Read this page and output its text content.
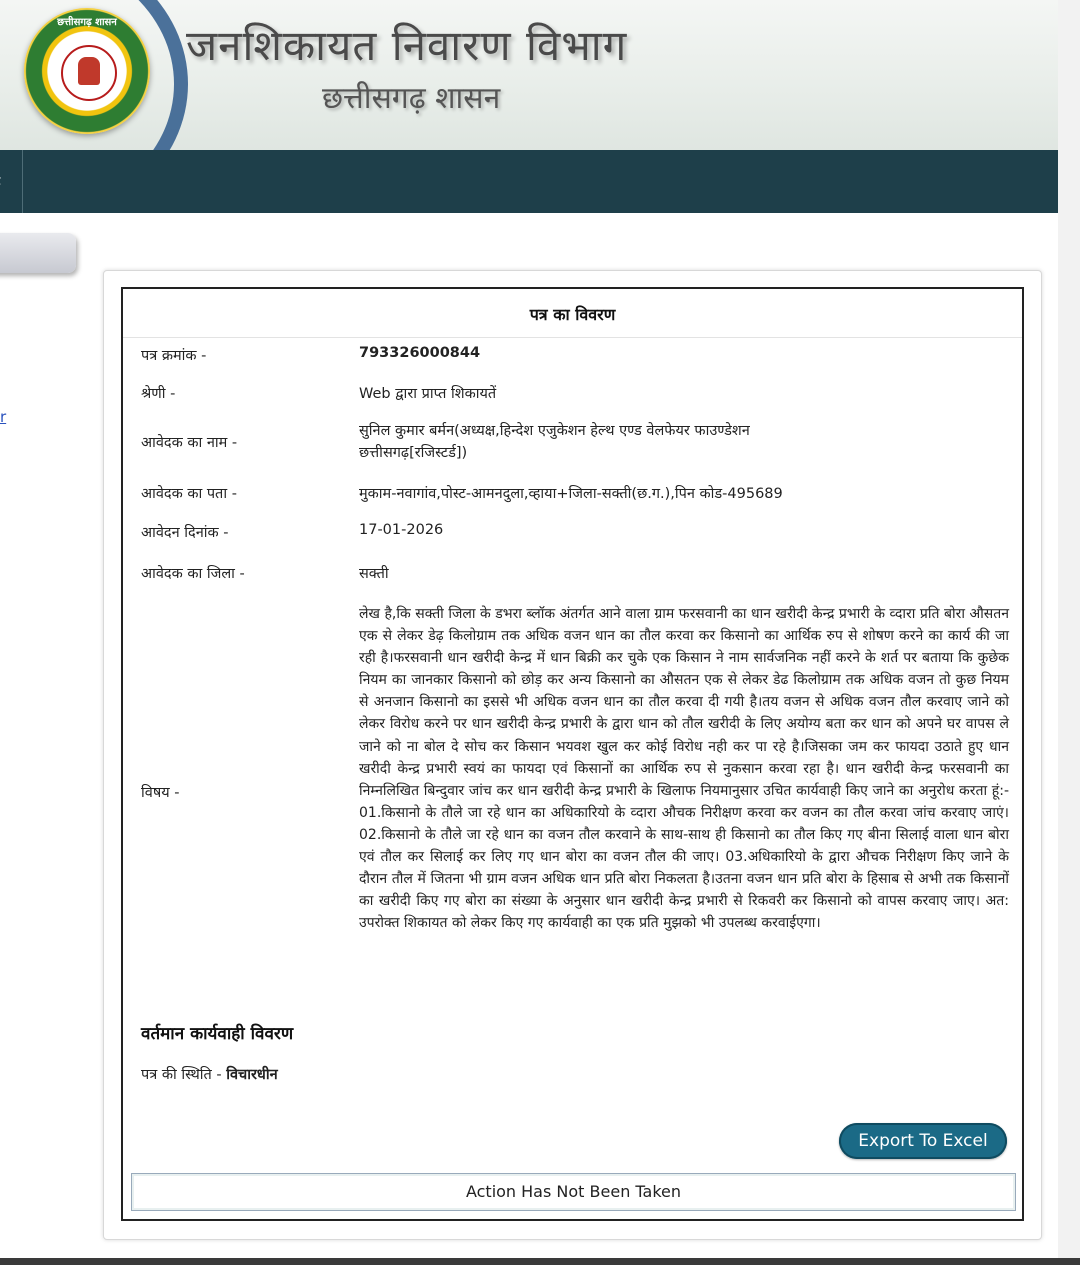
छत्तीसगढ़ शासन	जनशिकायत निवारण विभाग
छत्तीसगढ़ शासन
r
पत्र का विवरण
पत्र क्रमांक -	793326000844
श्रेणी -	Web द्वारा प्राप्त शिकायतें
आवेदक का नाम -
सुनिल कुमार बर्मन(अध्यक्ष,हिन्देश एजुकेशन हेल्थ एण्ड वेलफेयर फाउण्डेशन छत्तीसगढ़[रजिस्टर्ड])
आवेदक का पता -	मुकाम-नवागांव,पोस्ट-आमनदुला,व्हाया+जिला-सक्ती(छ.ग.),पिन कोड-495689
आवेदन दिनांक -	17-01-2026
आवेदक का जिला -	सक्ती
विषय -
लेख है,कि सक्ती जिला के डभरा ब्लॉक अंतर्गत आने वाला ग्राम फरसवानी का धान खरीदी केन्द्र प्रभारी के व्दारा प्रति बोरा औसतन एक से लेकर डेढ़ किलोग्राम तक अधिक वजन धान का तौल करवा कर किसानो का आर्थिक रुप से शोषण करने का कार्य की जा रही है।फरसवानी धान खरीदी केन्द्र में धान बिक्री कर चुके एक किसान ने नाम सार्वजनिक नहीं करने के शर्त पर बताया कि कुछेक नियम का जानकार किसानो को छोड़ कर अन्य किसानो का औसतन एक से लेकर डेढ किलोग्राम तक अधिक वजन तो कुछ नियम से अनजान किसानो का इससे भी अधिक वजन धान का तौल करवा दी गयी है।तय वजन से अधिक वजन तौल करवाए जाने को लेकर विरोध करने पर धान खरीदी केन्द्र प्रभारी के द्वारा धान को तौल खरीदी के लिए अयोग्य बता कर धान को अपने घर वापस ले जाने को ना बोल दे सोच कर किसान भयवश खुल कर कोई विरोध नही कर पा रहे है।जिसका जम कर फायदा उठाते हुए धान खरीदी केन्द्र प्रभारी स्वयं का फायदा एवं किसानों का आर्थिक रुप से नुकसान करवा रहा है। धान खरीदी केन्द्र फरसवानी का निम्नलिखित बिन्दुवार जांच कर धान खरीदी केन्द्र प्रभारी के खिलाफ नियमानुसार उचित कार्यवाही किए जाने का अनुरोध करता हूं:- 01.किसानो के तौले जा रहे धान का अधिकारियो के व्दारा औचक निरीक्षण करवा कर वजन का तौल करवा जांच करवाए जाएं। 02.किसानो के तौले जा रहे धान का वजन तौल करवाने के साथ-साथ ही किसानो का तौल किए गए बीना सिलाई वाला धान बोरा एवं तौल कर सिलाई कर लिए गए धान बोरा का वजन तौल की जाए। 03.अधिकारियो के द्वारा औचक निरीक्षण किए जाने के दौरान तौल में जितना भी ग्राम वजन अधिक धान प्रति बोरा निकलता है।उतना वजन धान प्रति बोरा के हिसाब से अभी तक किसानों का खरीदी किए गए बोरा का संख्या के अनुसार धान खरीदी केन्द्र प्रभारी से रिकवरी कर किसानो को वापस करवाए जाए। अत: उपरोक्त शिकायत को लेकर किए गए कार्यवाही का एक प्रति मुझको भी उपलब्ध करवाईएगा।
वर्तमान कार्यवाही विवरण
पत्र की स्थिति - विचारधीन
Export To Excel
Action Has Not Been Taken
